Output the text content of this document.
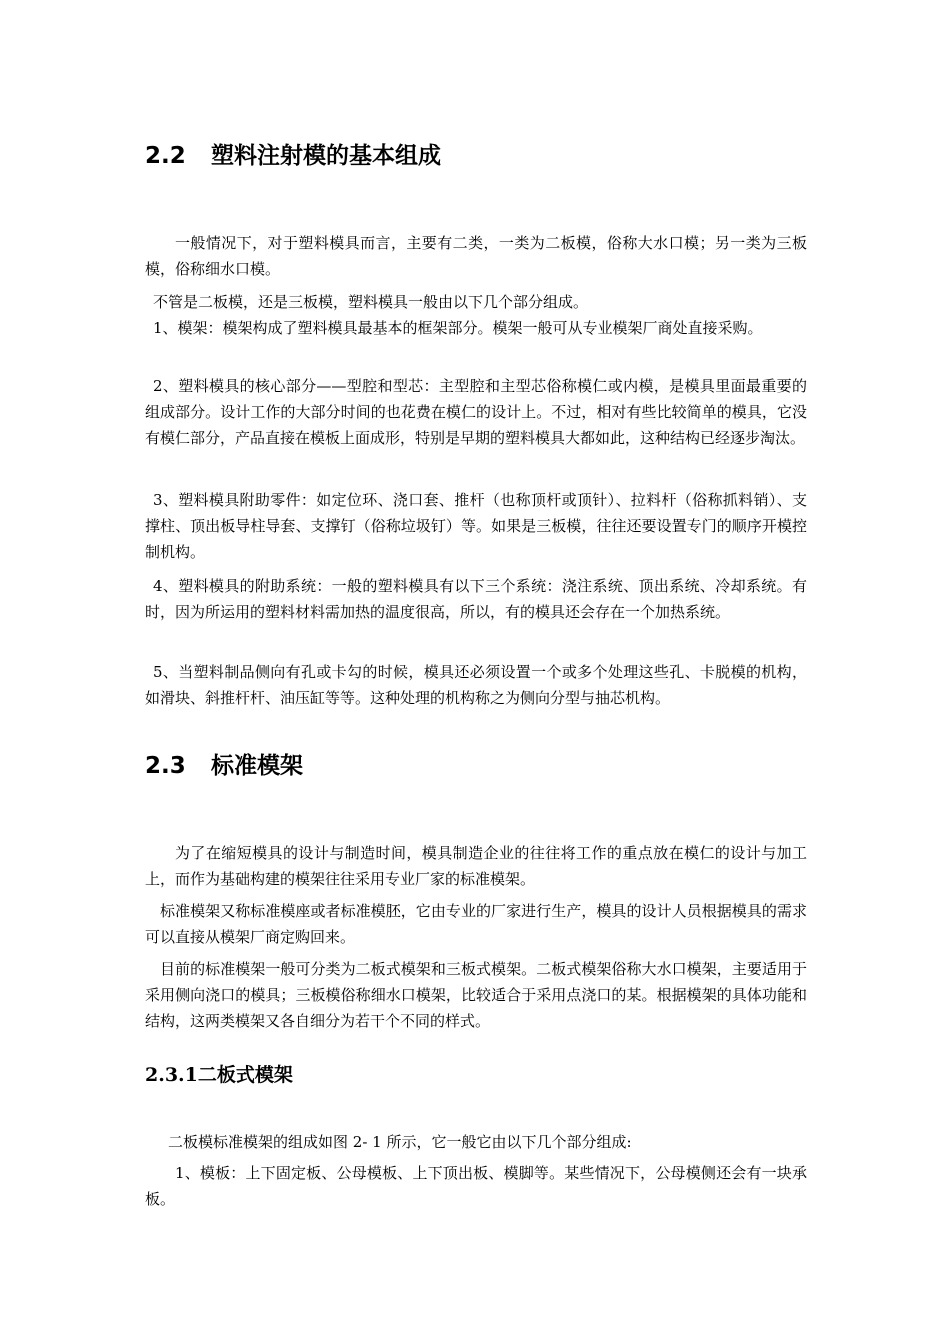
2.2 塑料注射模的基本组成

一般情况下，对于塑料模具而言，主要有二类，一类为二板模，俗称大水口模；另一类为三板模，俗称细水口模。

不管是二板模，还是三板模，塑料模具一般由以下几个部分组成。

1、模架：模架构成了塑料模具最基本的框架部分。模架一般可从专业模架厂商处直接采购。

2、塑料模具的核心部分——型腔和型芯：主型腔和主型芯俗称模仁或内模，是模具里面最重要的组成部分。设计工作的大部分时间的也花费在模仁的设计上。不过，相对有些比较简单的模具，它没有模仁部分，产品直接在模板上面成形，特别是早期的塑料模具大都如此，这种结构已经逐步淘汰。

3、塑料模具附助零件：如定位环、浇口套、推杆（也称顶杆或顶针）、拉料杆（俗称抓料销）、支撑柱、顶出板导柱导套、支撑钉（俗称垃圾钉）等。如果是三板模，往往还要设置专门的顺序开模控制机构。

4、塑料模具的附助系统：一般的塑料模具有以下三个系统：浇注系统、顶出系统、冷却系统。有时，因为所运用的塑料材料需加热的温度很高，所以，有的模具还会存在一个加热系统。

5、当塑料制品侧向有孔或卡勾的时候，模具还必须设置一个或多个处理这些孔、卡脱模的机构，如滑块、斜推杆杆、油压缸等等。这种处理的机构称之为侧向分型与抽芯机构。

2.3 标准模架

为了在缩短模具的设计与制造时间，模具制造企业的往往将工作的重点放在模仁的设计与加工上，而作为基础构建的模架往往采用专业厂家的标准模架。

标准模架又称标准模座或者标准模胚，它由专业的厂家进行生产，模具的设计人员根据模具的需求可以直接从模架厂商定购回来。

目前的标准模架一般可分类为二板式模架和三板式模架。二板式模架俗称大水口模架，主要适用于采用侧向浇口的模具；三板模俗称细水口模架，比较适合于采用点浇口的某。根据模架的具体功能和结构，这两类模架又各自细分为若干个不同的样式。

2.3.1二板式模架

二板模标准模架的组成如图 2- 1 所示，它一般它由以下几个部分组成:

1、模板：上下固定板、公母模板、上下顶出板、模脚等。某些情况下，公母模侧还会有一块承板。
